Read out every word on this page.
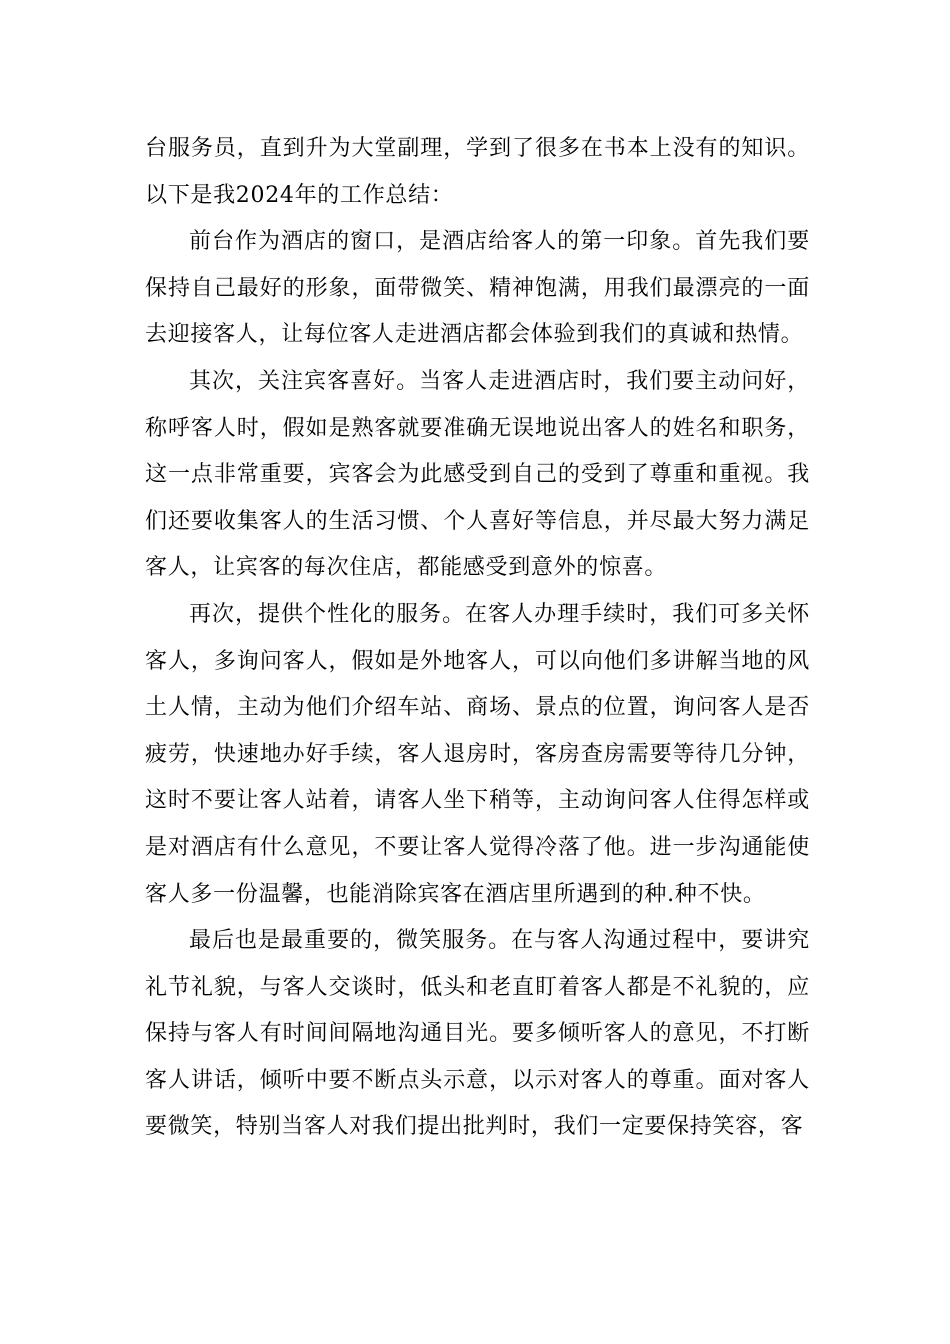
台服务员，直到升为大堂副理，学到了很多在书本上没有的知识。以下是我2024年的工作总结：

前台作为酒店的窗口，是酒店给客人的第一印象。首先我们要保持自己最好的形象，面带微笑、精神饱满，用我们最漂亮的一面去迎接客人，让每位客人走进酒店都会体验到我们的真诚和热情。

其次，关注宾客喜好。当客人走进酒店时，我们要主动问好，称呼客人时，假如是熟客就要准确无误地说出客人的姓名和职务，这一点非常重要，宾客会为此感受到自己的受到了尊重和重视。我们还要收集客人的生活习惯、个人喜好等信息，并尽最大努力满足客人，让宾客的每次住店，都能感受到意外的惊喜。

再次，提供个性化的服务。在客人办理手续时，我们可多关怀客人，多询问客人，假如是外地客人，可以向他们多讲解当地的风土人情，主动为他们介绍车站、商场、景点的位置，询问客人是否疲劳，快速地办好手续，客人退房时，客房查房需要等待几分钟，这时不要让客人站着，请客人坐下稍等，主动询问客人住得怎样或是对酒店有什么意见，不要让客人觉得冷落了他。进一步沟通能使客人多一份温馨，也能消除宾客在酒店里所遇到的种.种不快。

最后也是最重要的，微笑服务。在与客人沟通过程中，要讲究礼节礼貌，与客人交谈时，低头和老直盯着客人都是不礼貌的，应保持与客人有时间间隔地沟通目光。要多倾听客人的意见，不打断客人讲话，倾听中要不断点头示意，以示对客人的尊重。面对客人要微笑，特别当客人对我们提出批判时，我们一定要保持笑容，客
